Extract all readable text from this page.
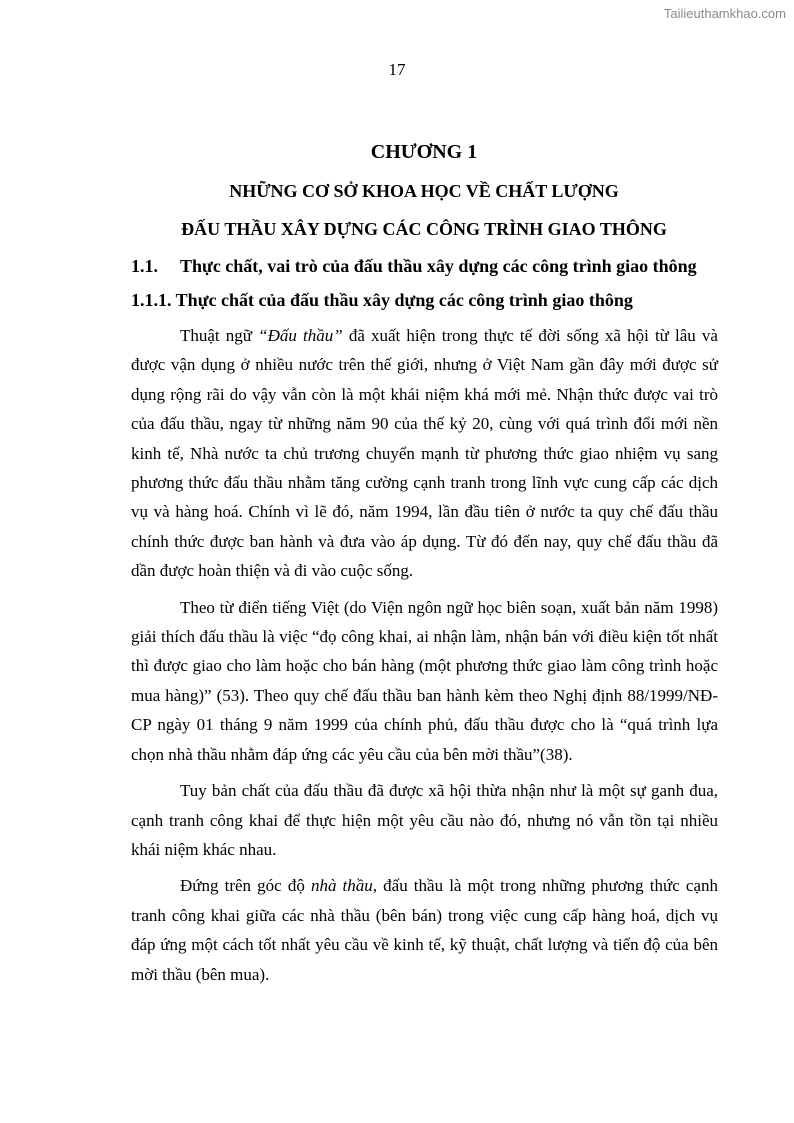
Tailieuthamkhao.com
17
CHƯƠNG 1
NHỮNG CƠ SỞ KHOA HỌC VỀ CHẤT LƯỢNG
ĐẤU THẦU XÂY DỰNG CÁC CÔNG TRÌNH GIAO THÔNG
1.1. Thực chất, vai trò của đấu thầu xây dựng các công trình giao thông
1.1.1. Thực chất của đấu thầu xây dựng các công trình giao thông

Thuật ngữ “Đấu thầu” đã xuất hiện trong thực tế đời sống xã hội từ lâu và được vận dụng ở nhiều nước trên thế giới, nhưng ở Việt Nam gần đây mới được sử dụng rộng rãi do vậy vẫn còn là một khái niệm khá mới mẻ. Nhận thức được vai trò của đấu thầu, ngay từ những năm 90 của thế kỷ 20, cùng với quá trình đổi mới nền kinh tế, Nhà nước ta chủ trương chuyển mạnh từ phương thức giao nhiệm vụ sang phương thức đấu thầu nhằm tăng cường cạnh tranh trong lĩnh vực cung cấp các dịch vụ và hàng hoá. Chính vì lẽ đó, năm 1994, lần đầu tiên ở nước ta quy chế đấu thầu chính thức được ban hành và đưa vào áp dụng. Từ đó đến nay, quy chế đấu thầu đã dần được hoàn thiện và đi vào cuộc sống.

Theo từ điển tiếng Việt (do Viện ngôn ngữ học biên soạn, xuất bản năm 1998) giải thích đấu thầu là việc “đọ công khai, ai nhận làm, nhận bán với điều kiện tốt nhất thì được giao cho làm hoặc cho bán hàng (một phương thức giao làm công trình hoặc mua hàng)” (53). Theo quy chế đấu thầu ban hành kèm theo Nghị định 88/1999/NĐ-CP ngày 01 tháng 9 năm 1999 của chính phủ, đấu thầu được cho là “quá trình lựa chọn nhà thầu nhằm đáp ứng các yêu cầu của bên mời thầu”(38).

Tuy bản chất của đấu thầu đã được xã hội thừa nhận như là một sự ganh đua, cạnh tranh công khai để thực hiện một yêu cầu nào đó, nhưng nó vẫn tồn tại nhiều khái niệm khác nhau.

Đứng trên góc độ nhà thầu, đấu thầu là một trong những phương thức cạnh tranh công khai giữa các nhà thầu (bên bán) trong việc cung cấp hàng hoá, dịch vụ đáp ứng một cách tốt nhất yêu cầu về kinh tế, kỹ thuật, chất lượng và tiến độ của bên mời thầu (bên mua).
